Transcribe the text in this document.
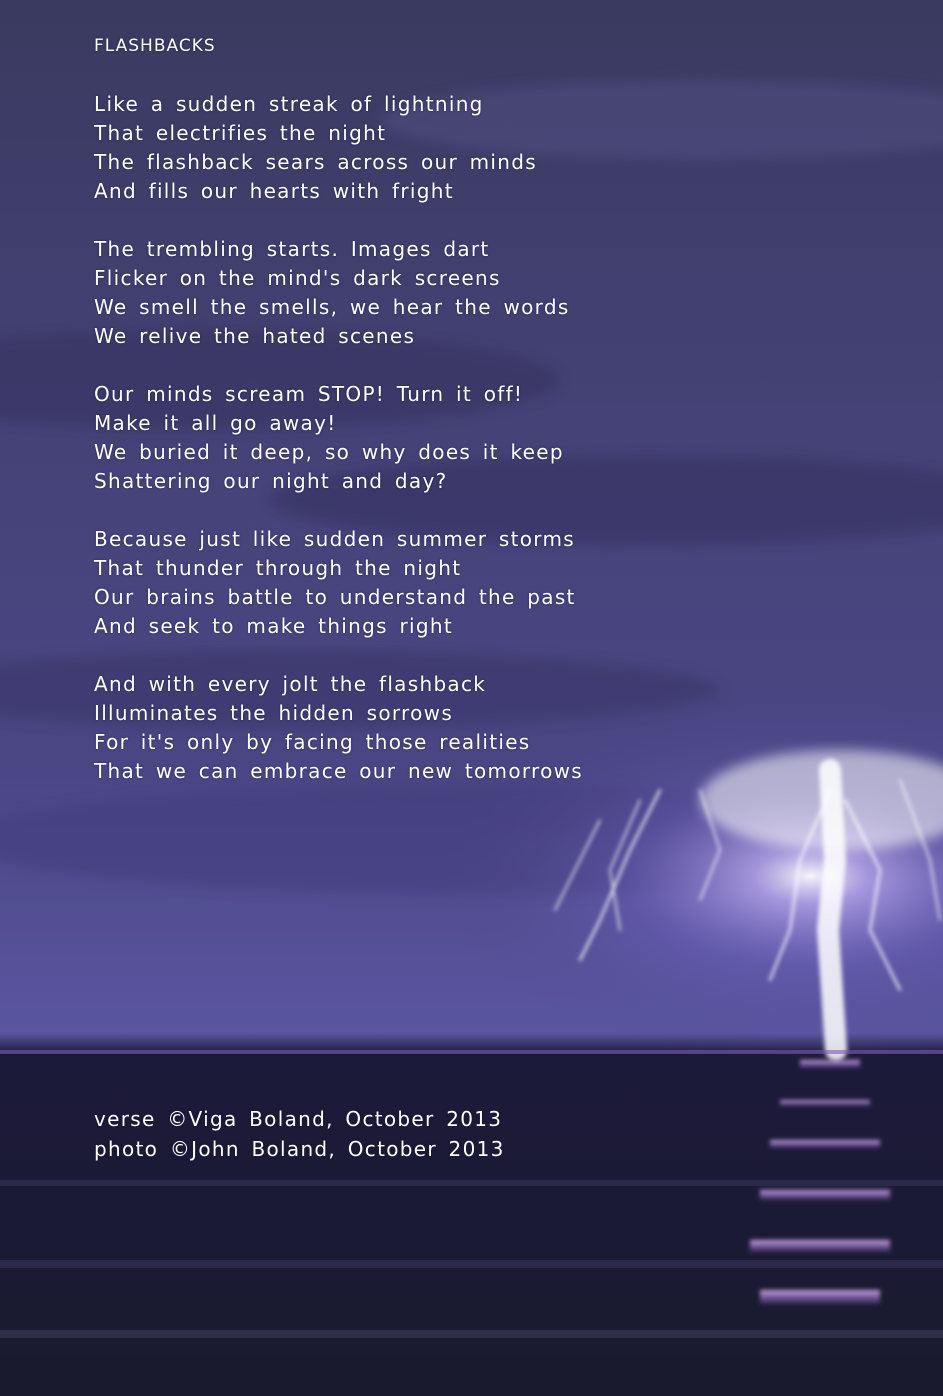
FLASHBACKS
Like a sudden streak of lightning
That electrifies the night
The flashback sears across our minds
And fills our hearts with fright
The trembling starts. Images dart
Flicker on the mind's dark screens
We smell the smells, we hear the words
We relive the hated scenes
Our minds scream STOP! Turn it off!
Make it all go away!
We buried it deep, so why does it keep
Shattering our night and day?
Because just like sudden summer storms
That thunder through the night
Our brains battle to understand the past
And seek to make things right
And with every jolt the flashback
Illuminates the hidden sorrows
For it's only by facing those realities
That we can embrace our new tomorrows
verse ©Viga Boland, October 2013
photo ©John Boland, October 2013
